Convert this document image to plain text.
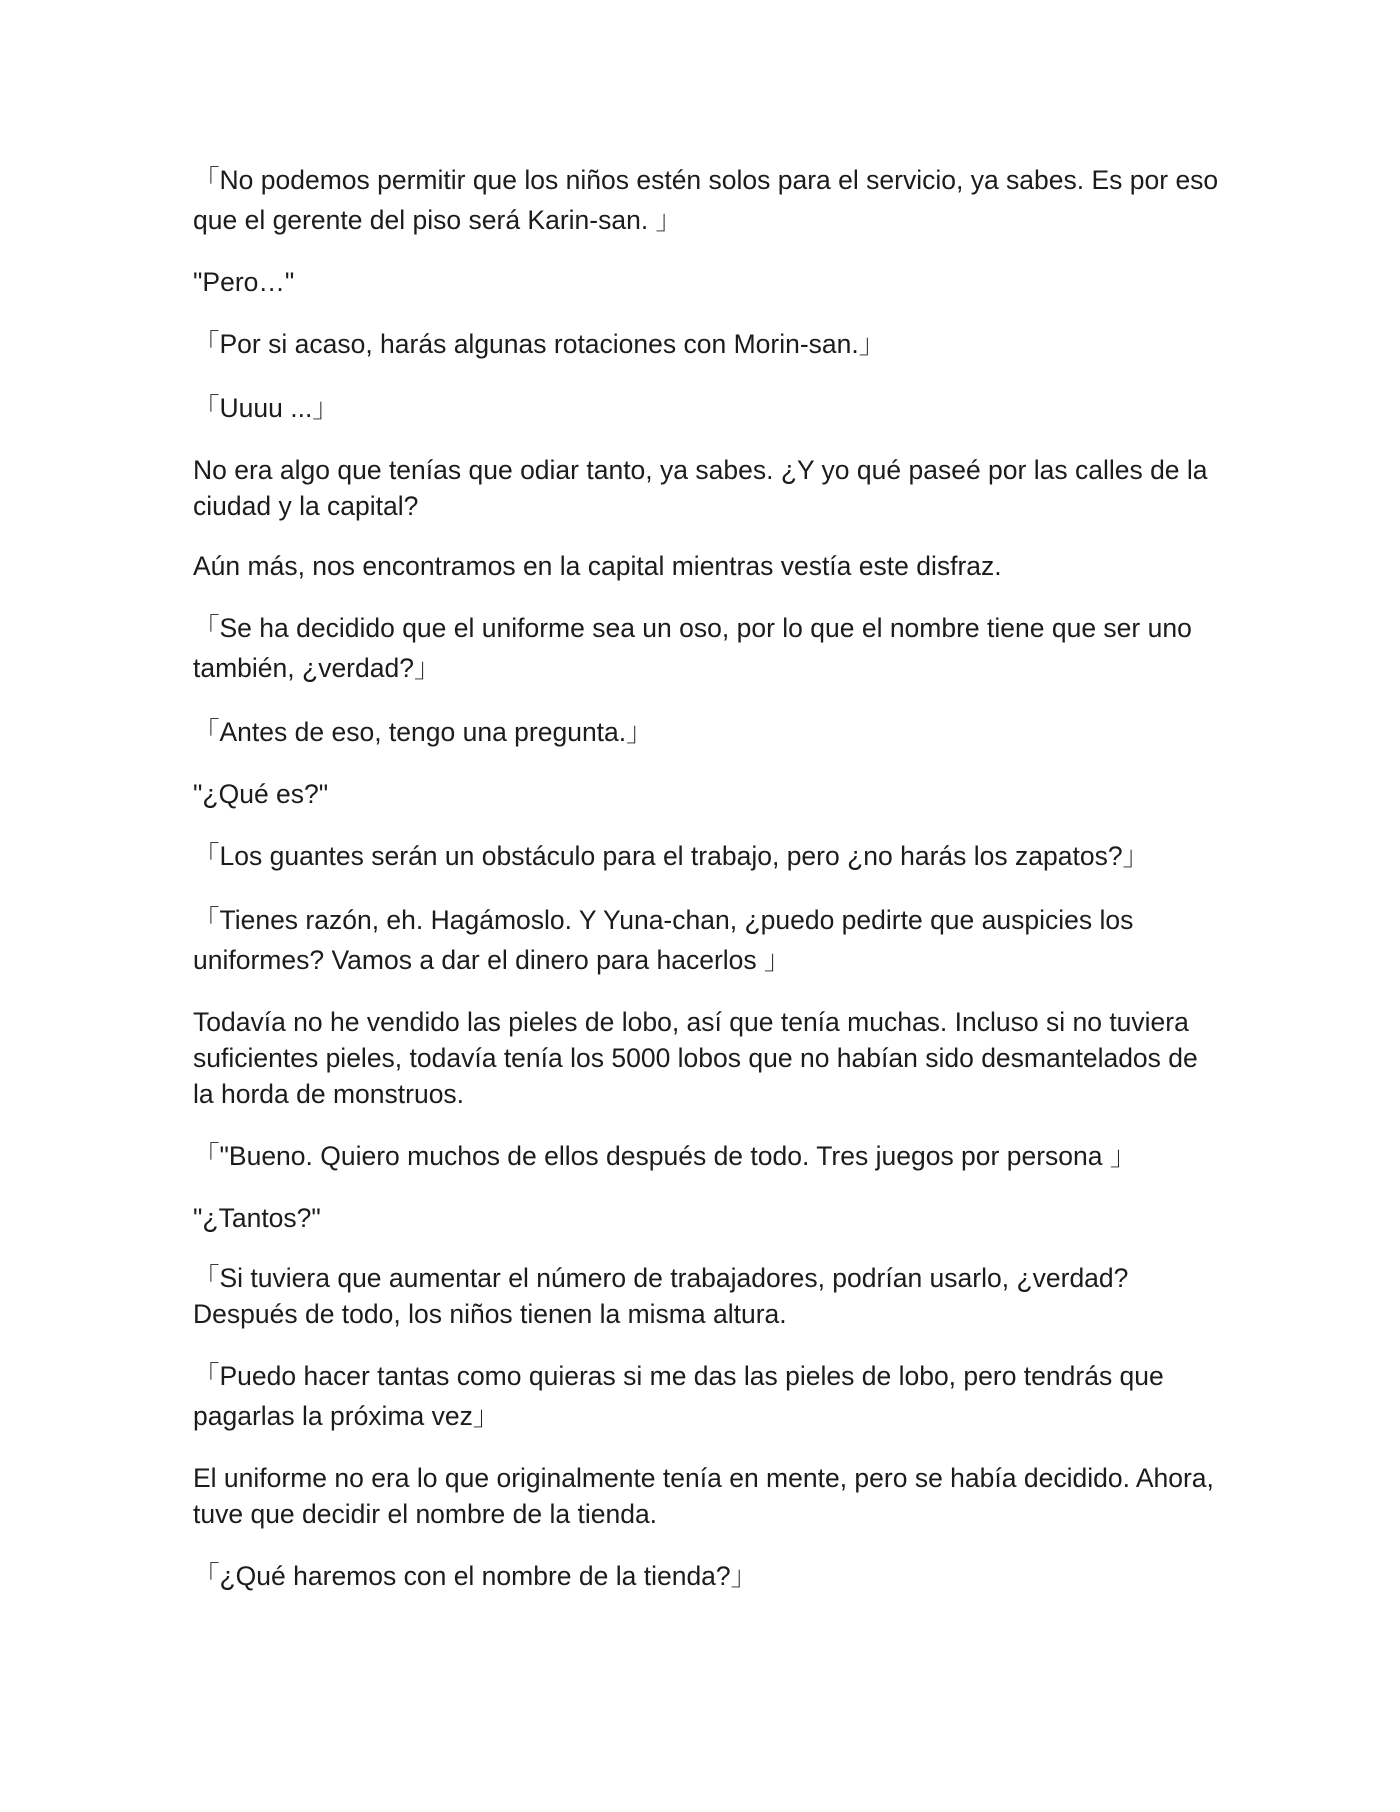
「No podemos permitir que los niños estén solos para el servicio, ya sabes. Es por eso que el gerente del piso será Karin-san. 」

"Pero…"

「Por si acaso, harás algunas rotaciones con Morin-san.」

「Uuuu ...」

No era algo que tenías que odiar tanto, ya sabes. ¿Y yo qué paseé por las calles de la ciudad y la capital?

Aún más, nos encontramos en la capital mientras vestía este disfraz.

「Se ha decidido que el uniforme sea un oso, por lo que el nombre tiene que ser uno también, ¿verdad?」

「Antes de eso, tengo una pregunta.」

"¿Qué es?"

「Los guantes serán un obstáculo para el trabajo, pero ¿no harás los zapatos?」

「Tienes razón, eh. Hagámoslo. Y Yuna-chan, ¿puedo pedirte que auspicies los uniformes? Vamos a dar el dinero para hacerlos 」

Todavía no he vendido las pieles de lobo, así que tenía muchas. Incluso si no tuviera suficientes pieles, todavía tenía los 5000 lobos que no habían sido desmantelados de la horda de monstruos.

「"Bueno. Quiero muchos de ellos después de todo. Tres juegos por persona 」

"¿Tantos?"

「Si tuviera que aumentar el número de trabajadores, podrían usarlo, ¿verdad? Después de todo, los niños tienen la misma altura.

「Puedo hacer tantas como quieras si me das las pieles de lobo, pero tendrás que pagarlas la próxima vez」

El uniforme no era lo que originalmente tenía en mente, pero se había decidido. Ahora, tuve que decidir el nombre de la tienda.

「¿Qué haremos con el nombre de la tienda?」
